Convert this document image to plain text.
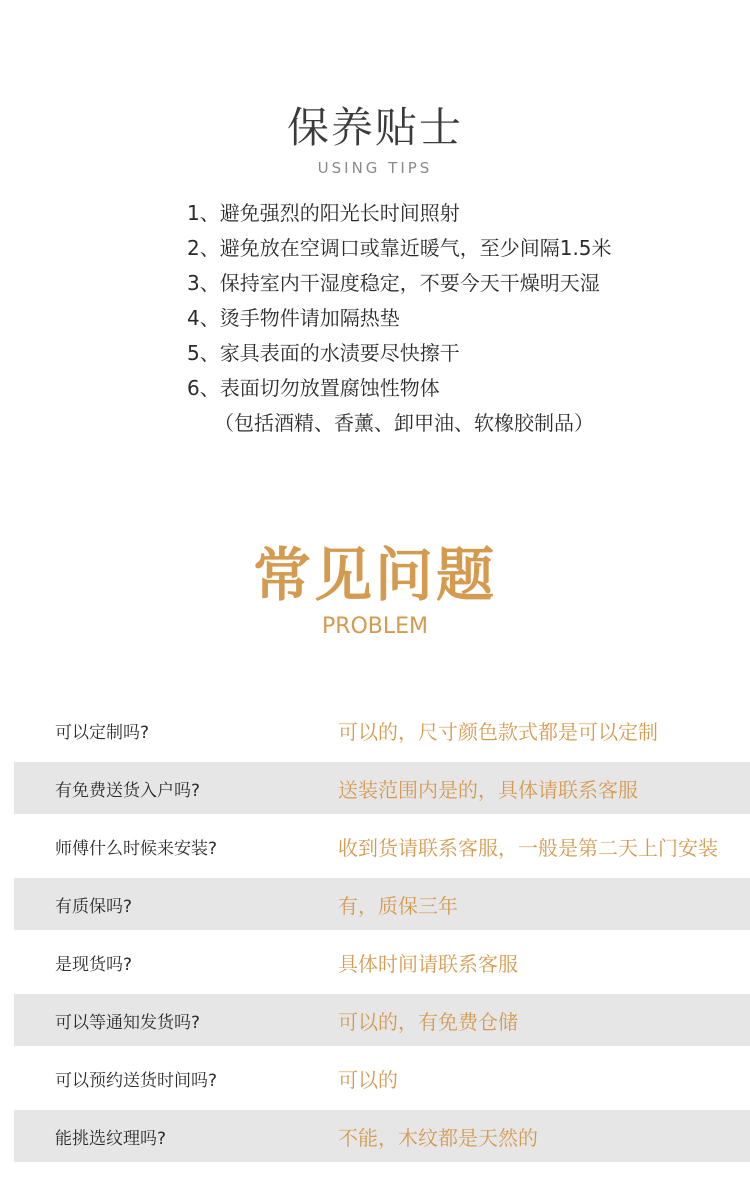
保养贴士
USING TIPS
1、避免强烈的阳光长时间照射
2、避免放在空调口或靠近暖气，至少间隔1.5米
3、保持室内干湿度稳定，不要今天干燥明天湿
4、烫手物件请加隔热垫
5、家具表面的水渍要尽快擦干
6、表面切勿放置腐蚀性物体
（包括酒精、香薰、卸甲油、软橡胶制品）
常见问题
PROBLEM
可以定制吗?	可以的，尺寸颜色款式都是可以定制
有免费送货入户吗?	送装范围内是的，具体请联系客服
师傅什么时候来安装?	收到货请联系客服，一般是第二天上门安装
有质保吗?	有，质保三年
是现货吗?	具体时间请联系客服
可以等通知发货吗?	可以的，有免费仓储
可以预约送货时间吗?	可以的
能挑选纹理吗?	不能，木纹都是天然的
